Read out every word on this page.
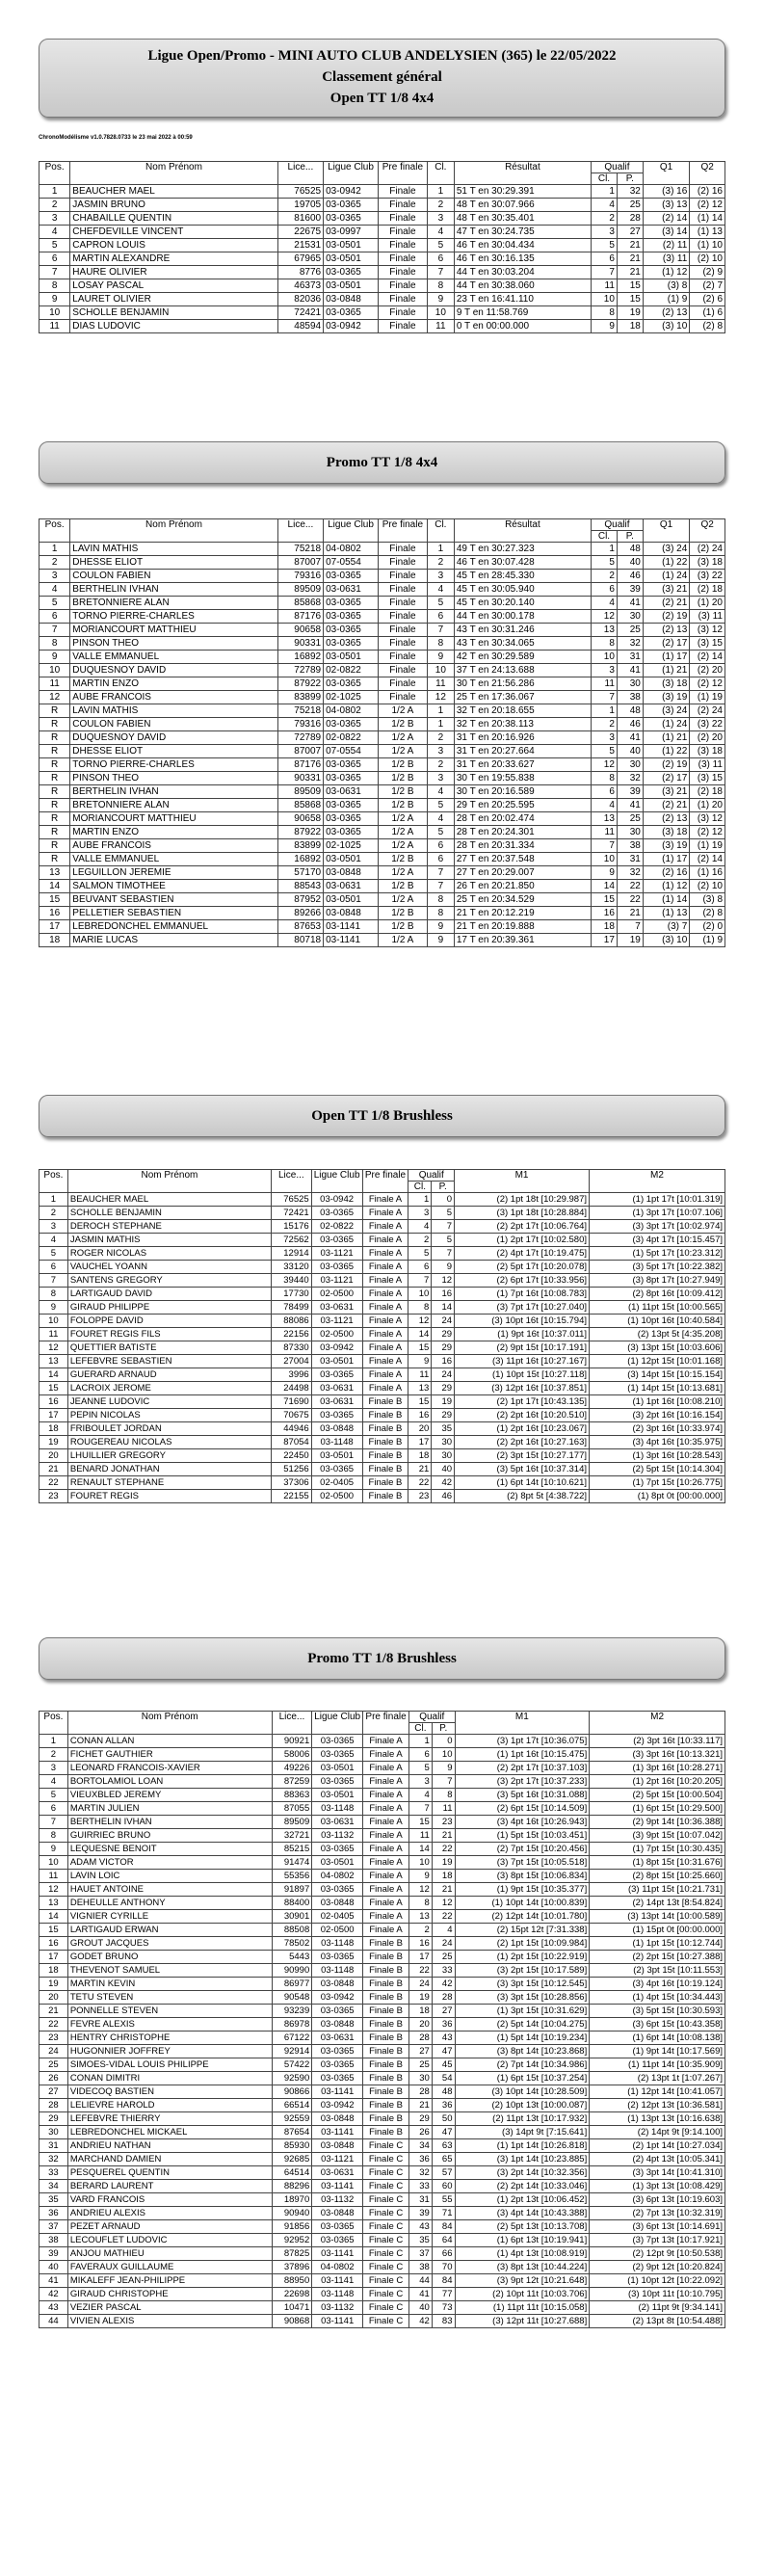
Ligue Open/Promo - MINI AUTO CLUB ANDELYSIEN (365) le 22/05/2022
Classement général
Open TT 1/8 4x4
ChronoModélisme v1.0.7828.0733 le 23 mai 2022 à 00:59
Pos.	Nom Prénom	Lice...	Ligue Club	Pre finale	Cl.	Résultat	Qualif		Q1	Q2
							Cl.	P.		
1	BEAUCHER MAEL	76525	03-0942	Finale	1	51 T en 30:29.391	1	32	(3) 16	(2) 16
2	JASMIN BRUNO	19705	03-0365	Finale	2	48 T en 30:07.966	4	25	(3) 13	(2) 12
3	CHABAILLE QUENTIN	81600	03-0365	Finale	3	48 T en 30:35.401	2	28	(2) 14	(1) 14
4	CHEFDEVILLE VINCENT	22675	03-0997	Finale	4	47 T en 30:24.735	3	27	(3) 14	(1) 13
5	CAPRON LOUIS	21531	03-0501	Finale	5	46 T en 30:04.434	5	21	(2) 11	(1) 10
6	MARTIN ALEXANDRE	67965	03-0501	Finale	6	46 T en 30:16.135	6	21	(3) 11	(2) 10
7	HAURE OLIVIER	8776	03-0365	Finale	7	44 T en 30:03.204	7	21	(1) 12	(2) 9
8	LOSAY PASCAL	46373	03-0501	Finale	8	44 T en 30:38.060	11	15	(3) 8	(2) 7
9	LAURET OLIVIER	82036	03-0848	Finale	9	23 T en 16:41.110	10	15	(1) 9	(2) 6
10	SCHOLLE BENJAMIN	72421	03-0365	Finale	10	9 T en 11:58.769	8	19	(2) 13	(1) 6
11	DIAS LUDOVIC	48594	03-0942	Finale	11	0 T en 00:00.000	9	18	(3) 10	(2) 8
Promo TT 1/8 4x4
Pos.	Nom Prénom	Lice...	Ligue Club	Pre finale	Cl.	Résultat	Qualif		Q1	Q2
							Cl.	P.		
1	LAVIN MATHIS	75218	04-0802	Finale	1	49 T en 30:27.323	1	48	(3) 24	(2) 24
2	DHESSE ELIOT	87007	07-0554	Finale	2	46 T en 30:07.428	5	40	(1) 22	(3) 18
3	COULON FABIEN	79316	03-0365	Finale	3	45 T en 28:45.330	2	46	(1) 24	(3) 22
4	BERTHELIN IVHAN	89509	03-0631	Finale	4	45 T en 30:05.940	6	39	(3) 21	(2) 18
5	BRETONNIERE ALAN	85868	03-0365	Finale	5	45 T en 30:20.140	4	41	(2) 21	(1) 20
6	TORNO PIERRE-CHARLES	87176	03-0365	Finale	6	44 T en 30:00.178	12	30	(2) 19	(3) 11
7	MORIANCOURT MATTHIEU	90658	03-0365	Finale	7	43 T en 30:31.246	13	25	(2) 13	(3) 12
8	PINSON THEO	90331	03-0365	Finale	8	43 T en 30:34.065	8	32	(2) 17	(3) 15
9	VALLE EMMANUEL	16892	03-0501	Finale	9	42 T en 30:29.589	10	31	(1) 17	(2) 14
10	DUQUESNOY DAVID	72789	02-0822	Finale	10	37 T en 24:13.688	3	41	(1) 21	(2) 20
11	MARTIN ENZO	87922	03-0365	Finale	11	30 T en 21:56.286	11	30	(3) 18	(2) 12
12	AUBE FRANCOIS	83899	02-1025	Finale	12	25 T en 17:36.067	7	38	(3) 19	(1) 19
R	LAVIN MATHIS	75218	04-0802	1/2 A	1	32 T en 20:18.655	1	48	(3) 24	(2) 24
R	COULON FABIEN	79316	03-0365	1/2 B	1	32 T en 20:38.113	2	46	(1) 24	(3) 22
R	DUQUESNOY DAVID	72789	02-0822	1/2 A	2	31 T en 20:16.926	3	41	(1) 21	(2) 20
R	DHESSE ELIOT	87007	07-0554	1/2 A	3	31 T en 20:27.664	5	40	(1) 22	(3) 18
R	TORNO PIERRE-CHARLES	87176	03-0365	1/2 B	2	31 T en 20:33.627	12	30	(2) 19	(3) 11
R	PINSON THEO	90331	03-0365	1/2 B	3	30 T en 19:55.838	8	32	(2) 17	(3) 15
R	BERTHELIN IVHAN	89509	03-0631	1/2 B	4	30 T en 20:16.589	6	39	(3) 21	(2) 18
R	BRETONNIERE ALAN	85868	03-0365	1/2 B	5	29 T en 20:25.595	4	41	(2) 21	(1) 20
R	MORIANCOURT MATTHIEU	90658	03-0365	1/2 A	4	28 T en 20:02.474	13	25	(2) 13	(3) 12
R	MARTIN ENZO	87922	03-0365	1/2 A	5	28 T en 20:24.301	11	30	(3) 18	(2) 12
R	AUBE FRANCOIS	83899	02-1025	1/2 A	6	28 T en 20:31.334	7	38	(3) 19	(1) 19
R	VALLE EMMANUEL	16892	03-0501	1/2 B	6	27 T en 20:37.548	10	31	(1) 17	(2) 14
13	LEGUILLON JEREMIE	57170	03-0848	1/2 A	7	27 T en 20:29.007	9	32	(2) 16	(1) 16
14	SALMON TIMOTHEE	88543	03-0631	1/2 B	7	26 T en 20:21.850	14	22	(1) 12	(2) 10
15	BEUVANT SEBASTIEN	87952	03-0501	1/2 A	8	25 T en 20:34.529	15	22	(1) 14	(3) 8
16	PELLETIER SEBASTIEN	89266	03-0848	1/2 B	8	21 T en 20:12.219	16	21	(1) 13	(2) 8
17	LEBREDONCHEL EMMANUEL	87653	03-1141	1/2 B	9	21 T en 20:19.888	18	7	(3) 7	(2) 0
18	MARIE LUCAS	80718	03-1141	1/2 A	9	17 T en 20:39.361	17	19	(3) 10	(1) 9
Open TT 1/8 Brushless
Pos.	Nom Prénom	Lice...	Ligue Club	Pre finale	Qualif		M1	M2
					Cl.	P.		
1	BEAUCHER MAEL	76525	03-0942	Finale A	1	0	(2) 1pt 18t [10:29.987]	(1) 1pt 17t [10:01.319]
2	SCHOLLE BENJAMIN	72421	03-0365	Finale A	3	5	(3) 1pt 18t [10:28.884]	(1) 3pt 17t [10:07.106]
3	DEROCH STEPHANE	15176	02-0822	Finale A	4	7	(2) 2pt 17t [10:06.764]	(3) 3pt 17t [10:02.974]
4	JASMIN MATHIS	72562	03-0365	Finale A	2	5	(1) 2pt 17t [10:02.580]	(3) 4pt 17t [10:15.457]
5	ROGER NICOLAS	12914	03-1121	Finale A	5	7	(2) 4pt 17t [10:19.475]	(1) 5pt 17t [10:23.312]
6	VAUCHEL YOANN	33120	03-0365	Finale A	6	9	(2) 5pt 17t [10:20.078]	(3) 5pt 17t [10:22.382]
7	SANTENS GREGORY	39440	03-1121	Finale A	7	12	(2) 6pt 17t [10:33.956]	(3) 8pt 17t [10:27.949]
8	LARTIGAUD DAVID	17730	02-0500	Finale A	10	16	(1) 7pt 16t [10:08.783]	(2) 8pt 16t [10:09.412]
9	GIRAUD PHILIPPE	78499	03-0631	Finale A	8	14	(3) 7pt 17t [10:27.040]	(1) 11pt 15t [10:00.565]
10	FOLOPPE DAVID	88086	03-1121	Finale A	12	24	(3) 10pt 16t [10:15.794]	(1) 10pt 16t [10:40.584]
11	FOURET REGIS FILS	22156	02-0500	Finale A	14	29	(1) 9pt 16t [10:37.011]	(2) 13pt 5t [4:35.208]
12	QUETTIER BATISTE	87330	03-0942	Finale A	15	29	(2) 9pt 15t [10:17.191]	(3) 13pt 15t [10:03.606]
13	LEFEBVRE SEBASTIEN	27004	03-0501	Finale A	9	16	(3) 11pt 16t [10:27.167]	(1) 12pt 15t [10:01.168]
14	GUERARD ARNAUD	3996	03-0365	Finale A	11	24	(1) 10pt 15t [10:27.118]	(3) 14pt 15t [10:15.154]
15	LACROIX JEROME	24498	03-0631	Finale A	13	29	(3) 12pt 16t [10:37.851]	(1) 14pt 15t [10:13.681]
16	JEANNE LUDOVIC	71690	03-0631	Finale B	15	19	(2) 1pt 17t [10:43.135]	(1) 1pt 16t [10:08.210]
17	PEPIN NICOLAS	70675	03-0365	Finale B	16	29	(2) 2pt 16t [10:20.510]	(3) 2pt 16t [10:16.154]
18	FRIBOULET JORDAN	44946	03-0848	Finale B	20	35	(1) 2pt 16t [10:23.067]	(2) 3pt 16t [10:33.974]
19	ROUGEREAU NICOLAS	87054	03-1148	Finale B	17	30	(2) 2pt 16t [10:27.163]	(3) 4pt 16t [10:35.975]
20	LHUILLIER GREGORY	22450	03-0501	Finale B	18	30	(2) 3pt 15t [10:27.177]	(1) 3pt 16t [10:28.543]
21	BENARD JONATHAN	51256	03-0365	Finale B	21	40	(3) 5pt 16t [10:37.314]	(2) 5pt 15t [10:14.304]
22	RENAULT STEPHANE	37306	02-0405	Finale B	22	42	(1) 6pt 14t [10:10.621]	(1) 7pt 15t [10:26.775]
23	FOURET REGIS	22155	02-0500	Finale B	23	46	(2) 8pt 5t [4:38.722]	(1) 8pt 0t [00:00.000]
Promo TT 1/8 Brushless
Pos.	Nom Prénom	Lice...	Ligue Club	Pre finale	Qualif		M1	M2
					Cl.	P.		
1	CONAN ALLAN	90921	03-0365	Finale A	1	0	(3) 1pt 17t [10:36.075]	(2) 3pt 16t [10:33.117]
2	FICHET GAUTHIER	58006	03-0365	Finale A	6	10	(1) 1pt 16t [10:15.475]	(3) 3pt 16t [10:13.321]
3	LEONARD FRANCOIS-XAVIER	49226	03-0501	Finale A	5	9	(2) 2pt 17t [10:37.103]	(1) 3pt 16t [10:28.271]
4	BORTOLAMIOL LOAN	87259	03-0365	Finale A	3	7	(3) 2pt 17t [10:37.233]	(1) 2pt 16t [10:20.205]
5	VIEUXBLED JEREMY	88363	03-0501	Finale A	4	8	(3) 5pt 16t [10:31.088]	(2) 5pt 15t [10:00.504]
6	MARTIN JULIEN	87055	03-1148	Finale A	7	11	(2) 6pt 15t [10:14.509]	(1) 6pt 15t [10:29.500]
7	BERTHELIN IVHAN	89509	03-0631	Finale A	15	23	(3) 4pt 16t [10:26.943]	(2) 9pt 14t [10:36.388]
8	GUIRRIEC BRUNO	32721	03-1132	Finale A	11	21	(1) 5pt 15t [10:03.451]	(3) 9pt 15t [10:07.042]
9	LEQUESNE BENOIT	85215	03-0365	Finale A	14	22	(2) 7pt 15t [10:20.456]	(1) 7pt 15t [10:30.435]
10	ADAM VICTOR	91474	03-0501	Finale A	10	19	(3) 7pt 15t [10:05.518]	(1) 8pt 15t [10:31.676]
11	LAVIN LOIC	55356	04-0802	Finale A	9	18	(3) 8pt 15t [10:06.834]	(2) 8pt 15t [10:25.660]
12	HAUET ANTOINE	91897	03-0365	Finale A	12	21	(1) 9pt 15t [10:35.377]	(3) 11pt 15t [10:21.731]
13	DEHEULLE ANTHONY	88400	03-0848	Finale A	8	12	(1) 10pt 14t [10:00.839]	(2) 14pt 13t [8:54.824]
14	VIGNIER CYRILLE	30901	02-0405	Finale A	13	22	(2) 12pt 14t [10:01.780]	(3) 13pt 14t [10:00.589]
15	LARTIGAUD ERWAN	88508	02-0500	Finale A	2	4	(2) 15pt 12t [7:31.338]	(1) 15pt 0t [00:00.000]
16	GROUT JACQUES	78502	03-1148	Finale B	16	24	(2) 1pt 15t [10:09.984]	(1) 1pt 15t [10:12.744]
17	GODET BRUNO	5443	03-0365	Finale B	17	25	(1) 2pt 15t [10:22.919]	(2) 2pt 15t [10:27.388]
18	THEVENOT SAMUEL	90990	03-1148	Finale B	22	33	(3) 2pt 15t [10:17.589]	(2) 3pt 15t [10:11.553]
19	MARTIN KEVIN	86977	03-0848	Finale B	24	42	(3) 3pt 15t [10:12.545]	(3) 4pt 16t [10:19.124]
20	TETU STEVEN	90548	03-0942	Finale B	19	28	(3) 3pt 15t [10:28.856]	(1) 4pt 15t [10:34.443]
21	PONNELLE STEVEN	93239	03-0365	Finale B	18	27	(1) 3pt 15t [10:31.629]	(3) 5pt 15t [10:30.593]
22	FEVRE ALEXIS	86978	03-0848	Finale B	20	36	(2) 5pt 14t [10:04.275]	(3) 6pt 15t [10:43.358]
23	HENTRY CHRISTOPHE	67122	03-0631	Finale B	28	43	(1) 5pt 14t [10:19.234]	(1) 6pt 14t [10:08.138]
24	HUGONNIER JOFFREY	92914	03-0365	Finale B	27	47	(3) 8pt 14t [10:23.868]	(1) 9pt 14t [10:17.569]
25	SIMOES-VIDAL LOUIS PHILIPPE	57422	03-0365	Finale B	25	45	(2) 7pt 14t [10:34.986]	(1) 11pt 14t [10:35.909]
26	CONAN DIMITRI	92590	03-0365	Finale B	30	54	(1) 6pt 15t [10:37.254]	(2) 13pt 1t [1:07.267]
27	VIDECOQ BASTIEN	90866	03-1141	Finale B	28	48	(3) 10pt 14t [10:28.509]	(1) 12pt 14t [10:41.057]
28	LELIEVRE HAROLD	66514	03-0942	Finale B	21	36	(2) 10pt 13t [10:00.087]	(2) 12pt 13t [10:36.581]
29	LEFEBVRE THIERRY	92559	03-0848	Finale B	29	50	(2) 11pt 13t [10:17.932]	(1) 13pt 13t [10:16.638]
30	LEBREDONCHEL MICKAEL	87654	03-1141	Finale B	26	47	(3) 14pt 9t [7:15.641]	(2) 14pt 9t [9:14.100]
31	ANDRIEU NATHAN	85930	03-0848	Finale C	34	63	(1) 1pt 14t [10:26.818]	(2) 1pt 14t [10:27.034]
32	MARCHAND DAMIEN	92685	03-1121	Finale C	36	65	(3) 1pt 14t [10:23.885]	(2) 4pt 13t [10:05.341]
33	PESQUEREL QUENTIN	64514	03-0631	Finale C	32	57	(3) 2pt 14t [10:32.356]	(3) 3pt 14t [10:41.310]
34	BERARD LAURENT	88296	03-1141	Finale C	33	60	(2) 2pt 14t [10:33.046]	(1) 3pt 13t [10:08.429]
35	VARD FRANCOIS	18970	03-1132	Finale C	31	55	(1) 2pt 13t [10:06.452]	(3) 6pt 13t [10:19.603]
36	ANDRIEU ALEXIS	90940	03-0848	Finale C	39	71	(3) 4pt 14t [10:43.388]	(2) 7pt 13t [10:32.319]
37	PEZET ARNAUD	91856	03-0365	Finale C	43	84	(2) 5pt 13t [10:13.708]	(3) 6pt 13t [10:14.691]
38	LECOUFLET LUDOVIC	92952	03-0365	Finale C	35	64	(1) 6pt 13t [10:19.941]	(3) 7pt 13t [10:17.921]
39	ANJOU MATHIEU	87825	03-1141	Finale C	37	66	(1) 4pt 13t [10:08.919]	(2) 12pt 9t [10:50.538]
40	FAVERAUX GUILLAUME	37896	04-0802	Finale C	38	70	(3) 8pt 13t [10:44.224]	(2) 9pt 12t [10:20.824]
41	MIKALEFF JEAN-PHILIPPE	88950	03-1141	Finale C	44	84	(3) 9pt 12t [10:21.648]	(1) 10pt 12t [10:22.092]
42	GIRAUD CHRISTOPHE	22698	03-1148	Finale C	41	77	(2) 10pt 11t [10:03.706]	(3) 10pt 11t [10:10.795]
43	VEZIER PASCAL	10471	03-1132	Finale C	40	73	(1) 11pt 11t [10:15.058]	(2) 11pt 9t [9:34.141]
44	VIVIEN ALEXIS	90868	03-1141	Finale C	42	83	(3) 12pt 11t [10:27.688]	(2) 13pt 8t [10:54.488]
